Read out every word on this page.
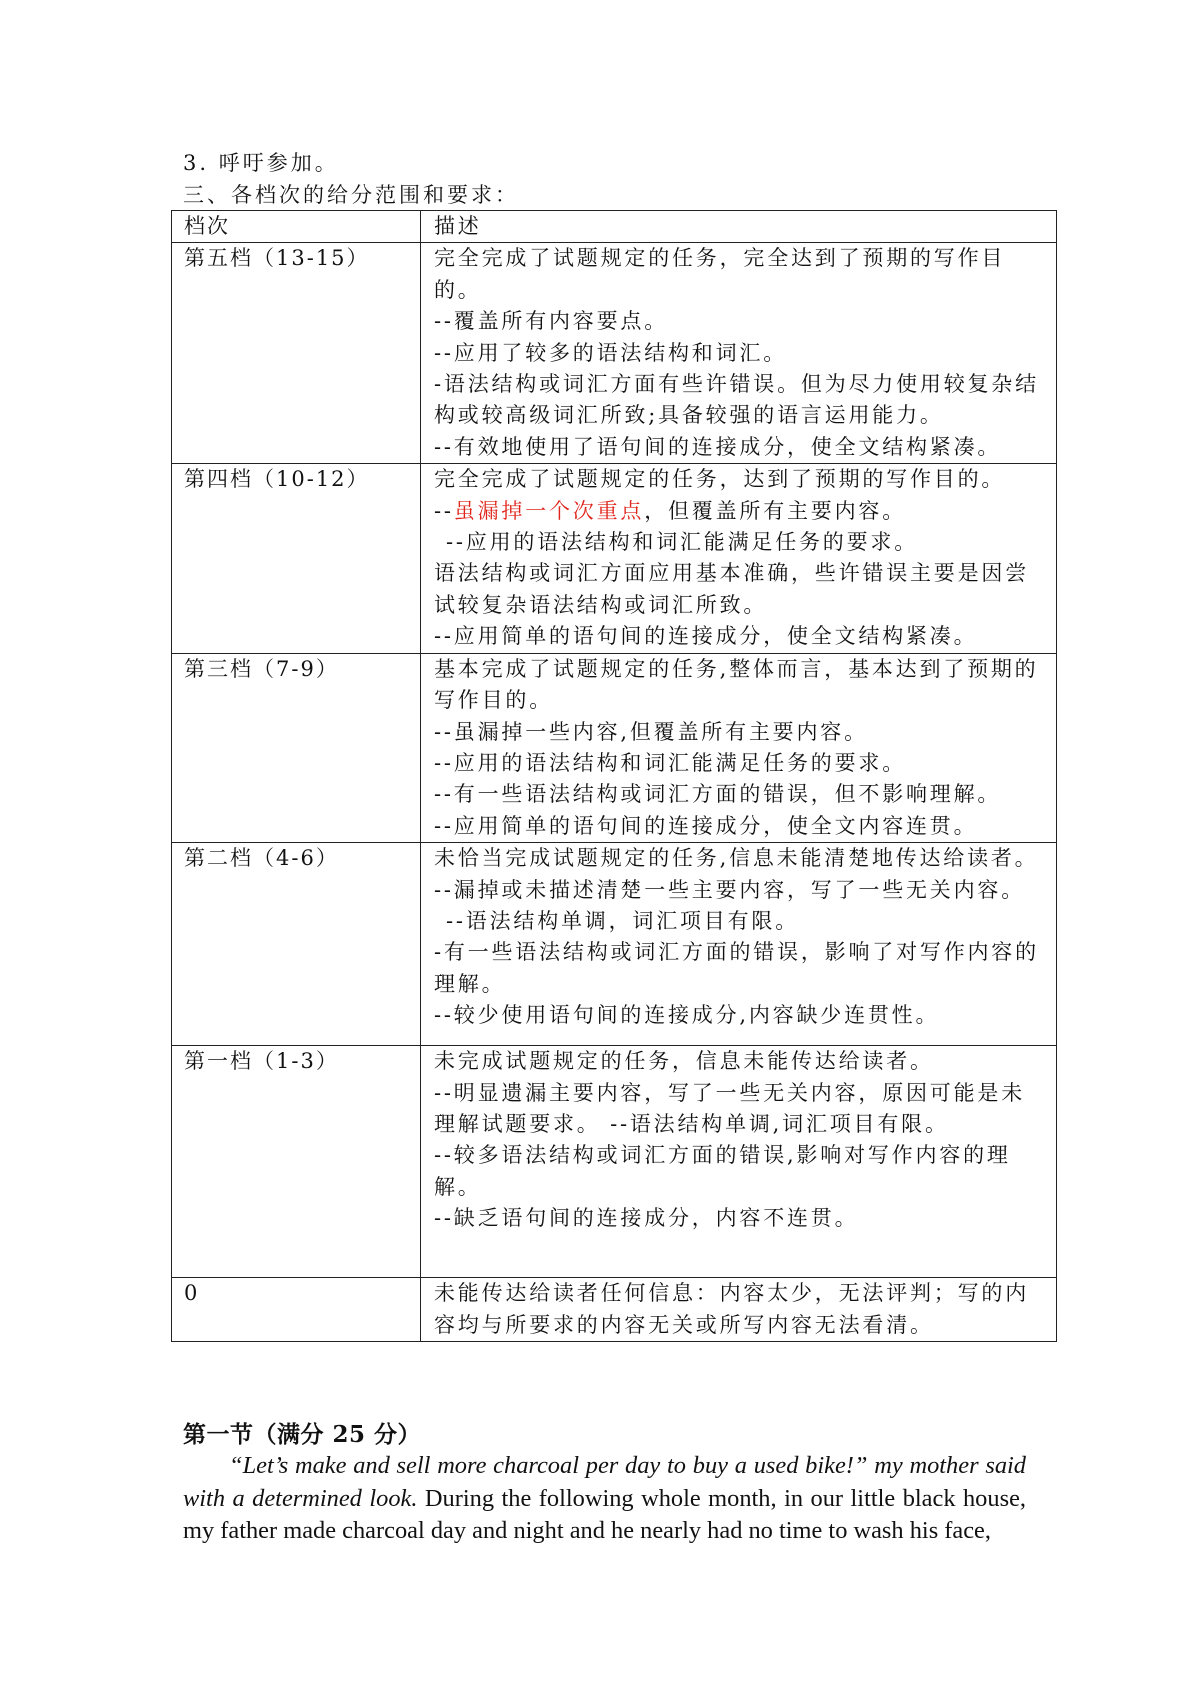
3. 呼吁参加。
三、各档次的给分范围和要求：
档次	描述
第五档（13-15）	完全完成了试题规定的任务，完全达到了预期的写作目的。
--覆盖所有内容要点。
--应用了较多的语法结构和词汇。
-语法结构或词汇方面有些许错误。但为尽力使用较复杂结构或较高级词汇所致;具备较强的语言运用能力。
--有效地使用了语句间的连接成分，使全文结构紧凑。

第四档（10-12）	完全完成了试题规定的任务，达到了预期的写作目的。
--虽漏掉一个次重点，但覆盖所有主要内容。
--应用的语法结构和词汇能满足任务的要求。
语法结构或词汇方面应用基本准确，些许错误主要是因尝试较复杂语法结构或词汇所致。
--应用简单的语句间的连接成分，使全文结构紧凑。

第三档（7-9）	基本完成了试题规定的任务,整体而言，基本达到了预期的写作目的。
--虽漏掉一些内容,但覆盖所有主要内容。
--应用的语法结构和词汇能满足任务的要求。
--有一些语法结构或词汇方面的错误，但不影响理解。
--应用简单的语句间的连接成分，使全文内容连贯。

第二档（4-6）	未恰当完成试题规定的任务,信息未能清楚地传达给读者。
--漏掉或未描述清楚一些主要内容，写了一些无关内容。
--语法结构单调，词汇项目有限。
-有一些语法结构或词汇方面的错误，影响了对写作内容的理解。
--较少使用语句间的连接成分,内容缺少连贯性。

第一档（1-3）	未完成试题规定的任务，信息未能传达给读者。
--明显遗漏主要内容，写了一些无关内容，原因可能是未理解试题要求。 --语法结构单调,词汇项目有限。
--较多语法结构或词汇方面的错误,影响对写作内容的理解。
--缺乏语句间的连接成分，内容不连贯。

0	未能传达给读者任何信息：内容太少，无法评判；写的内容均与所要求的内容无关或所写内容无法看清。
第一节（满分 25 分）
“Let’s make and sell more charcoal per day to buy a used bike!” my mother said with a determined look. During the following whole month, in our little black house, my father made charcoal day and night and he nearly had no time to wash his face,
